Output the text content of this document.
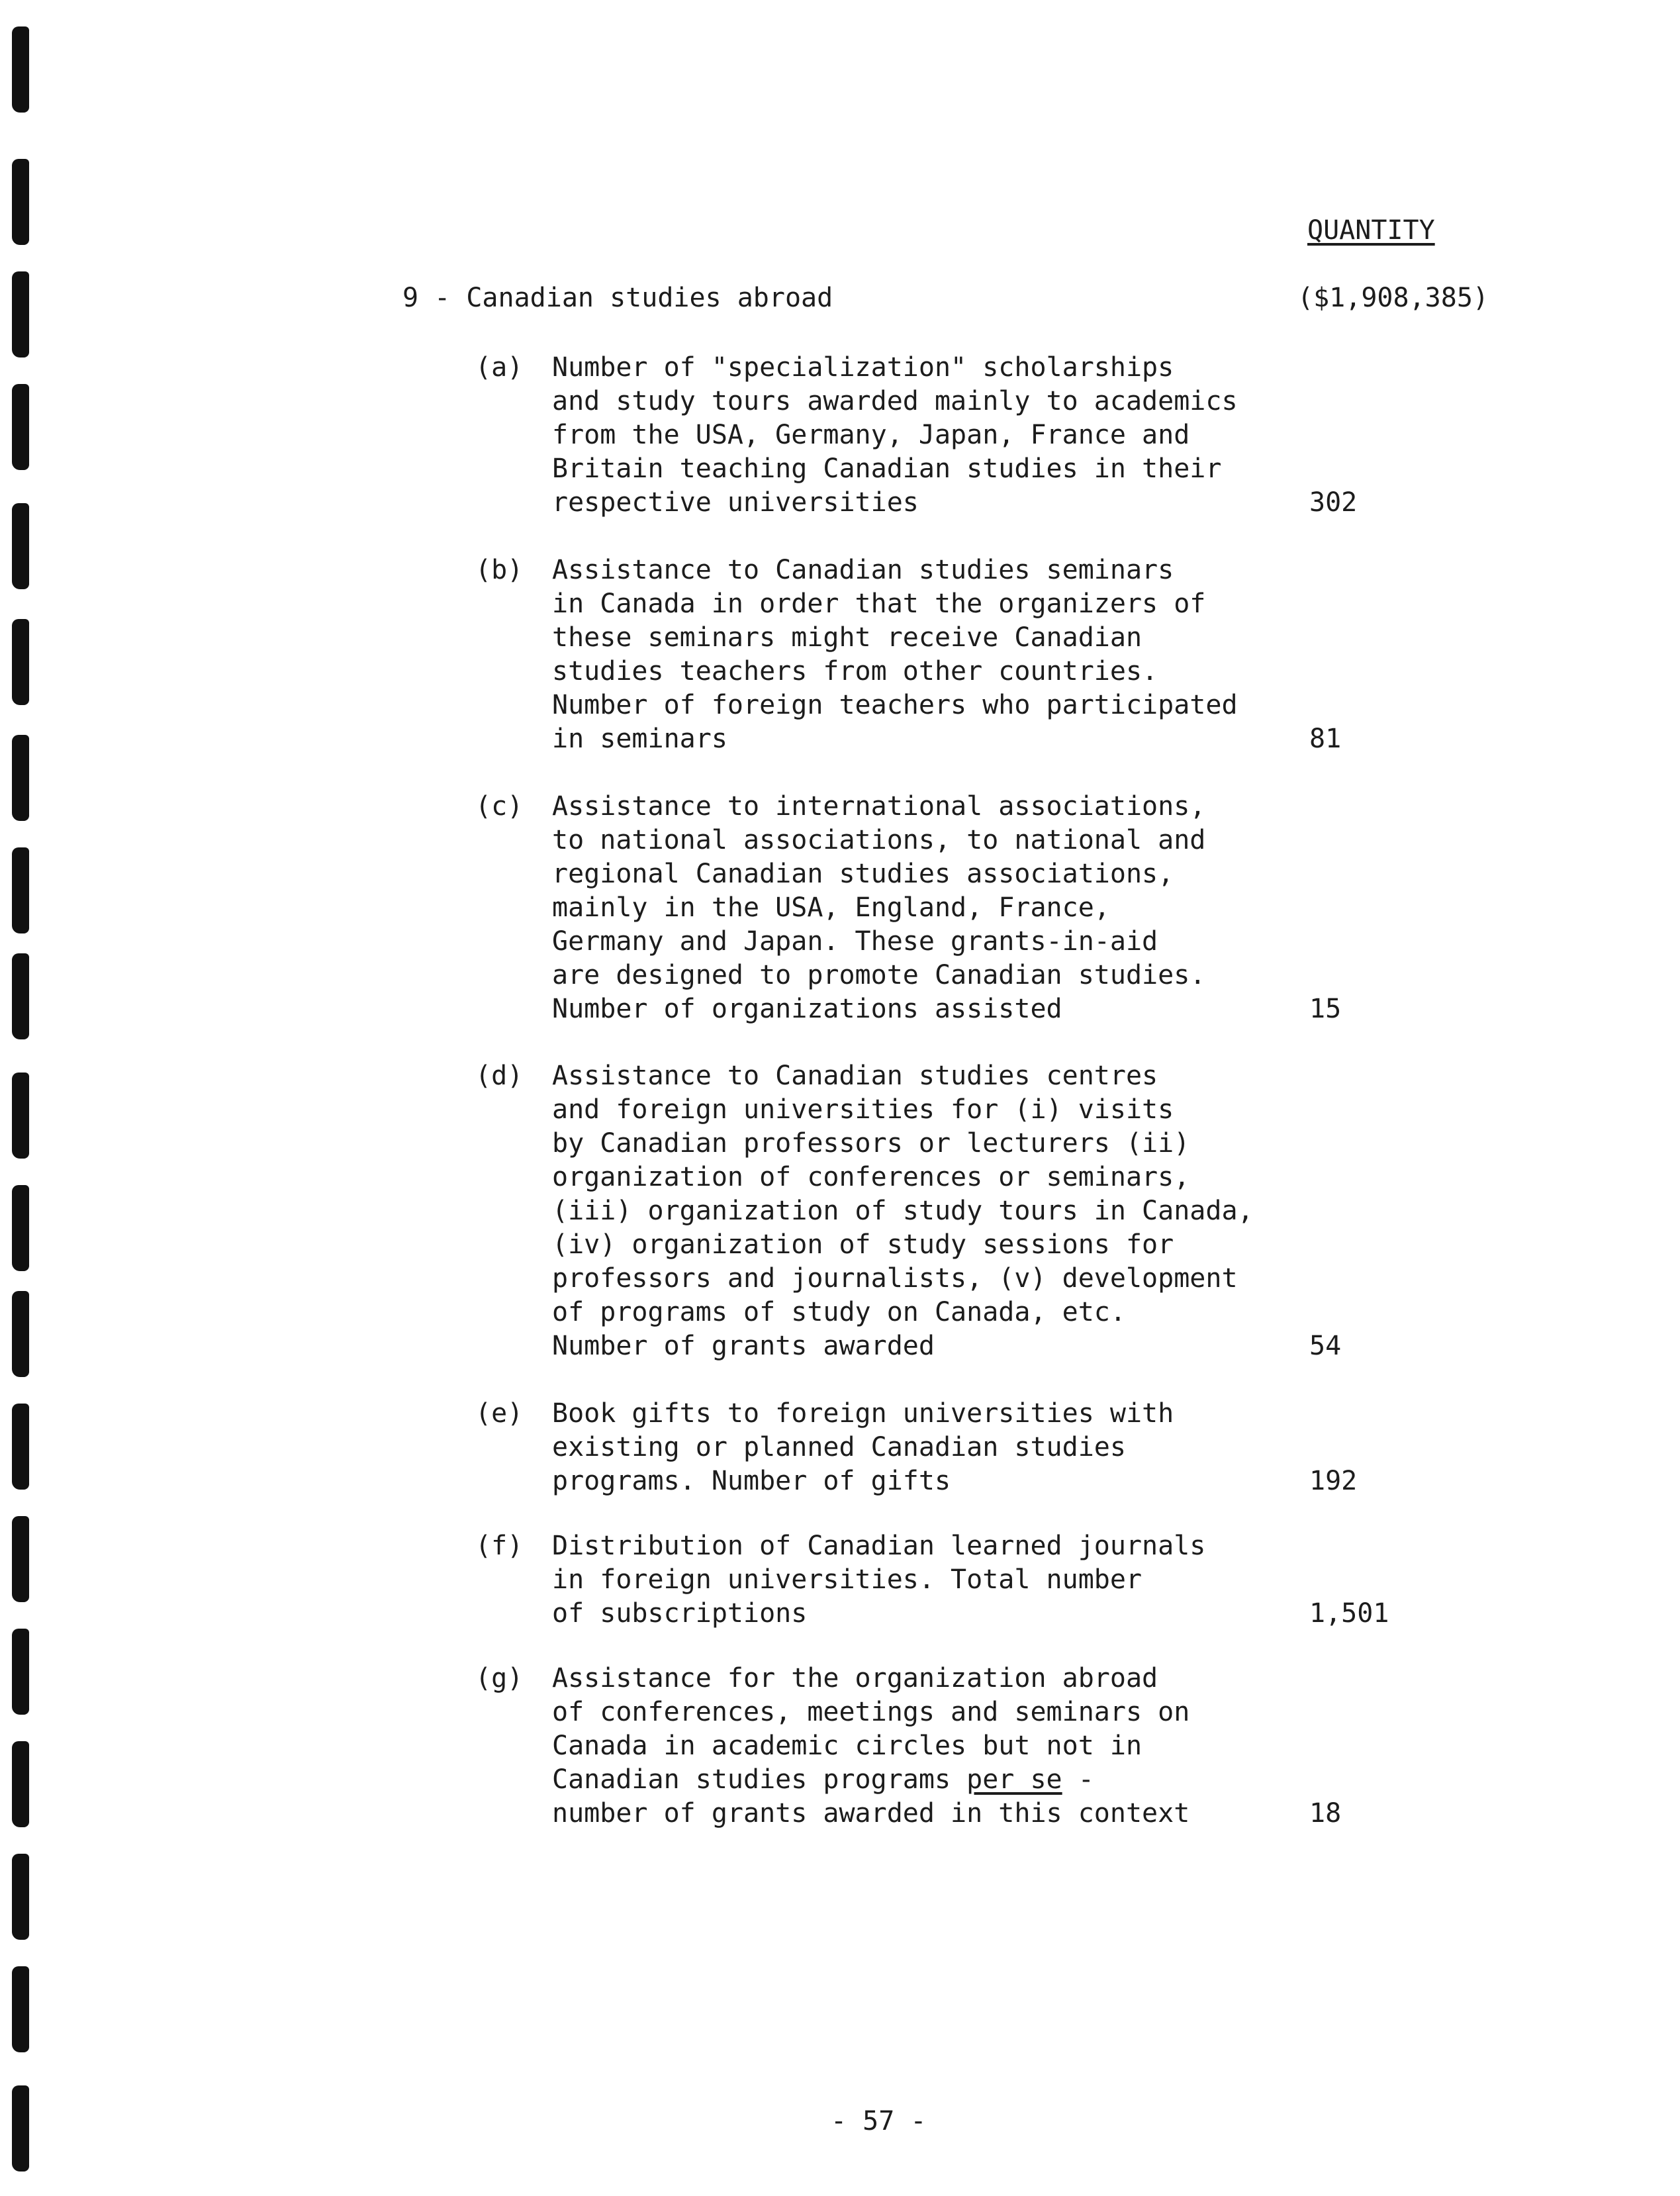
QUANTITY
9 - Canadian studies abroad	($1,908,385)
(a) Number of "specialization" scholarships
and study tours awarded mainly to academics
from the USA, Germany, Japan, France and
Britain teaching Canadian studies in their
respective universities	302
(b) Assistance to Canadian studies seminars
in Canada in order that the organizers of
these seminars might receive Canadian
studies teachers from other countries.
Number of foreign teachers who participated
in seminars	81
(c) Assistance to international associations,
to national associations, to national and
regional Canadian studies associations,
mainly in the USA, England, France,
Germany and Japan. These grants-in-aid
are designed to promote Canadian studies.
Number of organizations assisted	15
(d) Assistance to Canadian studies centres
and foreign universities for (i) visits
by Canadian professors or lecturers (ii)
organization of conferences or seminars,
(iii) organization of study tours in Canada,
(iv) organization of study sessions for
professors and journalists, (v) development
of programs of study on Canada, etc.
Number of grants awarded	54
(e) Book gifts to foreign universities with
existing or planned Canadian studies
programs. Number of gifts	192
(f) Distribution of Canadian learned journals
in foreign universities. Total number
of subscriptions	1,501
(g) Assistance for the organization abroad
of conferences, meetings and seminars on
Canada in academic circles but not in
Canadian studies programs per se -
number of grants awarded in this context	18
- 57 -
